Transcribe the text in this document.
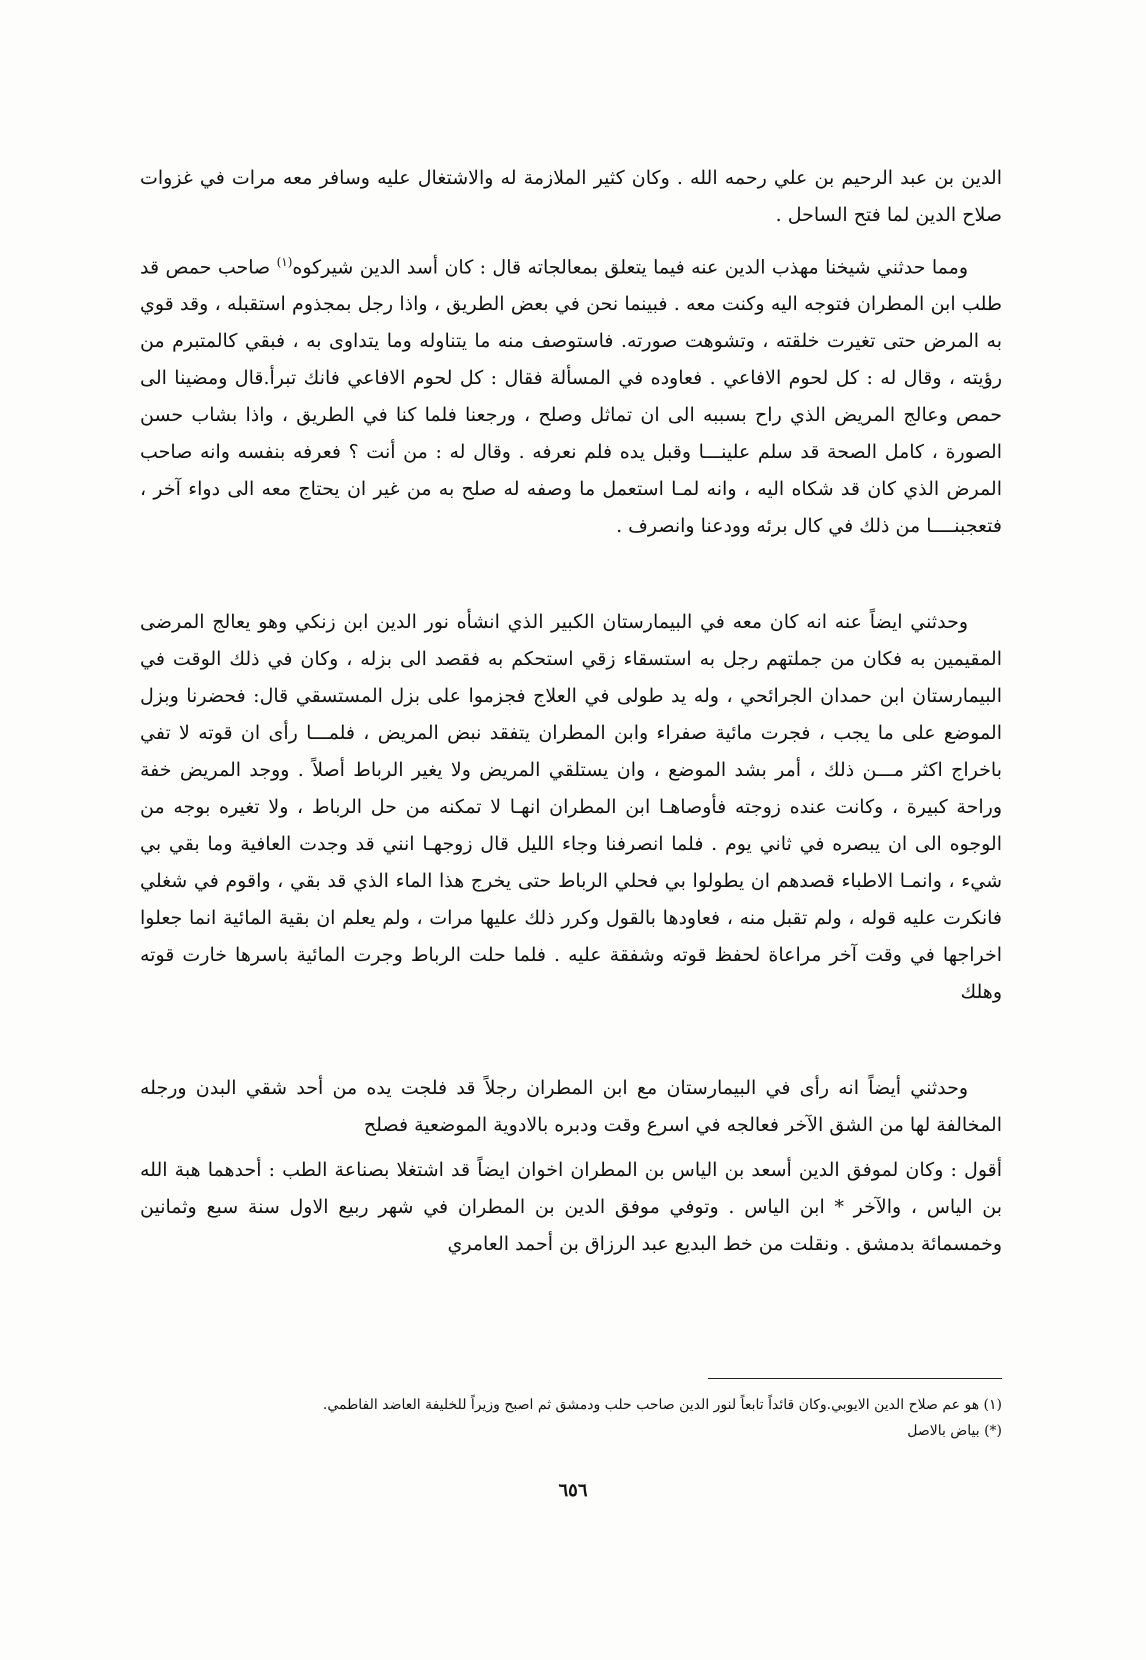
الدين بن عبد الرحيم بن علي رحمه الله . وكان كثير الملازمة له والاشتغال عليه وسافر معه مرات في غزوات صلاح الدين لما فتح الساحل .

ومما حدثني شيخنا مهذب الدين عنه فيما يتعلق بمعالجاته قال : كان أسد الدين شيركوه$^{(١)}$ صاحب حمص قد طلب ابن المطران فتوجه اليه وكنت معه . فبينما نحن في بعض الطريق ، واذا رجل بمجذوم استقبله ، وقد قوي به المرض حتى تغيرت خلقته ، وتشوهت صورته. فاستوصف منه ما يتناوله وما يتداوى به ، فبقي كالمتبرم من رؤيته ، وقال له : كل لحوم الافاعي . فعاوده في المسألة فقال : كل لحوم الافاعي فانك تبرأ.قال ومضينا الى حمص وعالج المريض الذي راح بسببه الى ان تماثل وصلح ، ورجعنا فلما كنا في الطريق ، واذا بشاب حسن الصورة ، كامل الصحة قد سلم علينـــا وقبل يده فلم نعرفه . وقال له : من أنت ؟ فعرفه بنفسه وانه صاحب المرض الذي كان قد شكاه اليه ، وانه لمـا استعمل ما وصفه له صلح به من غير ان يحتاج معه الى دواء آخر ، فتعجبنــــا من ذلك في كال برئه وودعنا وانصرف .

وحدثني ايضاً عنه انه كان معه في البيمارستان الكبير الذي انشأه نور الدين ابن زنكي وهو يعالج المرضى المقيمين به فكان من جملتهم رجل به استسقاء زقي استحكم به فقصد الى بزله ، وكان في ذلك الوقت في البيمارستان ابن حمدان الجرائحي ، وله يد طولى في العلاج فجزموا على بزل المستسقي قال: فحضرنا وبزل الموضع على ما يجب ، فجرت مائية صفراء وابن المطران يتفقد نبض المريض ، فلمـــا رأى ان قوته لا تفي باخراج اكثر مـــن ذلك ، أمر بشد الموضع ، وان يستلقي المريض ولا يغير الرباط أصلاً . ووجد المريض خفة وراحة كبيرة ، وكانت عنده زوجته فأوصاهـا ابن المطران انهـا لا تمكنه من حل الرباط ، ولا تغيره بوجه من الوجوه الى ان يبصره في ثاني يوم . فلما انصرفنا وجاء الليل قال زوجهـا انني قد وجدت العافية وما بقي بي شيء ، وانمـا الاطباء قصدهم ان يطولوا بي فحلي الرباط حتى يخرج هذا الماء الذي قد بقي ، واقوم في شغلي فانكرت عليه قوله ، ولم تقبل منه ، فعاودها بالقول وكرر ذلك عليها مرات ، ولم يعلم ان بقية المائية انما جعلوا اخراجها في وقت آخر مراعاة لحفظ قوته وشفقة عليه . فلما حلت الرباط وجرت المائية باسرها خارت قوته وهلك

وحدثني أيضاً انه رأى في البيمارستان مع ابن المطران رجلاً قد فلجت يده من أحد شقي البدن ورجله المخالفة لها من الشق الآخر فعالجه في اسرع وقت ودبره بالادوية الموضعية فصلح

أقول : وكان لموفق الدين أسعد بن الياس بن المطران اخوان ايضاً قد اشتغلا بصناعة الطب : أحدهما هبة الله بن الياس ، والآخر * ابن الياس . وتوفي موفق الدين بن المطران في شهر ربيع الاول سنة سبع وثمانين وخمسمائة بدمشق . ونقلت من خط البديع عبد الرزاق بن أحمد العامري

(١) هو عم صلاح الدين الايوبي.وكان قائداً تابعاً لنور الدين صاحب حلب ودمشق ثم اصبح وزيراً للخليفة العاضد الفاطمي.

(*) بياض بالاصل

٦٥٦
